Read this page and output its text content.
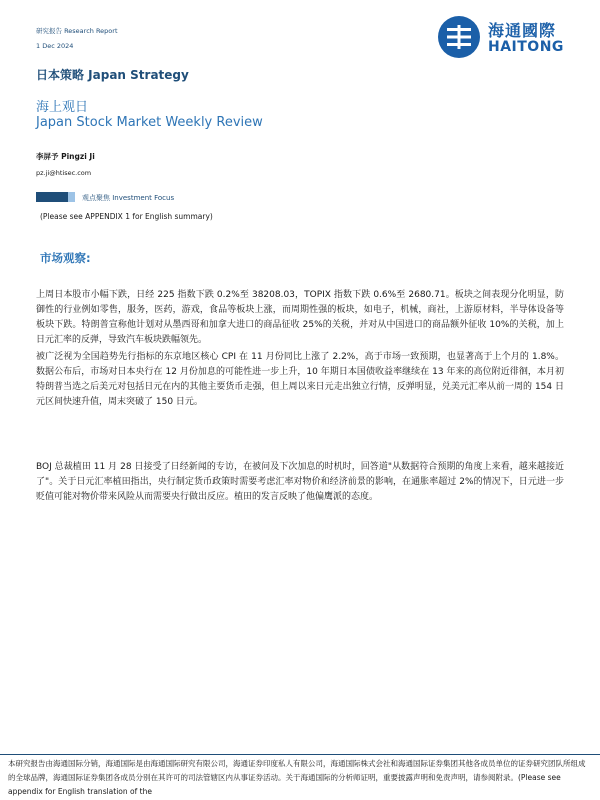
研究报告 Research Report
1 Dec 2024
海通國際
HAITONG
日本策略 Japan Strategy
海上观日
Japan Stock Market Weekly Review
李屏予 Pingzi Ji
pz.ji@htisec.com
观点聚焦 Investment Focus
(Please see APPENDIX 1 for English summary)
市场观察:

上周日本股市小幅下跌，日经 225 指数下跌 0.2%至 38208.03，TOPIX 指数下跌 0.6%至 2680.71。板块之间表现分化明显，防御性的行业例如零售，服务，医药，游戏，食品等板块上涨，而周期性强的板块，如电子，机械，商社，上游原材料，半导体设备等板块下跌。特朗普宣称他计划对从墨西哥和加拿大进口的商品征收 25%的关税，并对从中国进口的商品额外征收 10%的关税，加上日元汇率的反弹，导致汽车板块跌幅领先。

被广泛视为全国趋势先行指标的东京地区核心 CPI 在 11 月份同比上涨了 2.2%，高于市场一致预期，也显著高于上个月的 1.8%。数据公布后，市场对日本央行在 12 月份加息的可能性进一步上升，10 年期日本国债收益率继续在 13 年来的高位附近徘徊，本月初特朗普当选之后美元对包括日元在内的其他主要货币走强，但上周以来日元走出独立行情，反弹明显，兑美元汇率从前一周的 154 日元区间快速升值，周末突破了 150 日元。

BOJ 总裁植田 11 月 28 日接受了日经新闻的专访，在被问及下次加息的时机时，回答道"从数据符合预期的角度上来看，越来越接近了"。关于日元汇率植田指出，央行制定货币政策时需要考虑汇率对物价和经济前景的影响，在通胀率超过 2%的情况下，日元进一步贬值可能对物价带来风险从而需要央行做出反应。植田的发言反映了他偏鹰派的态度。

本研究报告由海通国际分销，海通国际是由海通国际研究有限公司，海通证券印度私人有限公司，海通国际株式会社和海通国际证券集团其他各成员单位的证券研究团队所组成的全球品牌，海通国际证券集团各成员分别在其许可的司法管辖区内从事证券活动。关于海通国际的分析师证明，重要披露声明和免责声明，请参阅附录。(Please see appendix for English translation of the
